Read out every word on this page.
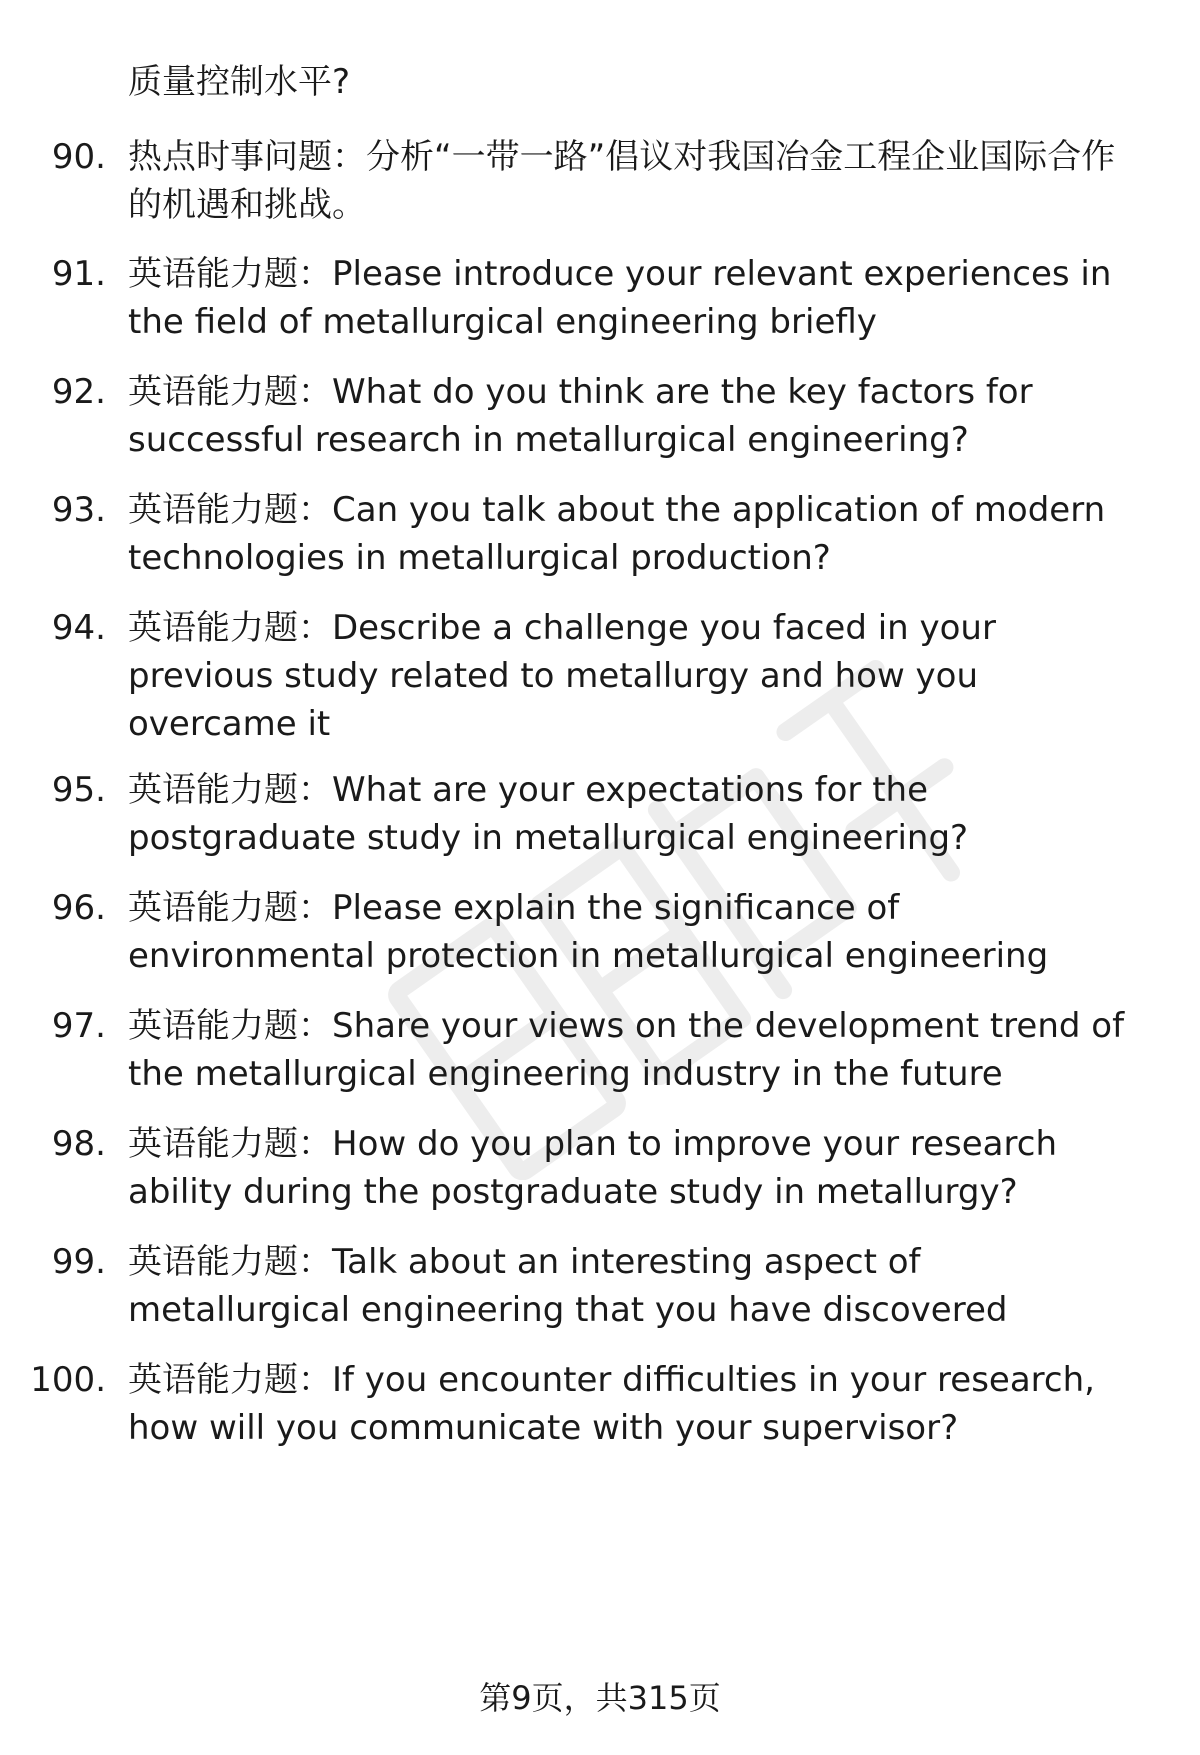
质量控制水平?
90. 热点时事问题：分析“一带一路”倡议对我国冶金工程企业国际合作的机遇和挑战。
91. 英语能力题：Please introduce your relevant experiences in the field of metallurgical engineering briefly
92. 英语能力题：What do you think are the key factors for successful research in metallurgical engineering?
93. 英语能力题：Can you talk about the application of modern technologies in metallurgical production?
94. 英语能力题：Describe a challenge you faced in your previous study related to metallurgy and how you overcame it
95. 英语能力题：What are your expectations for the postgraduate study in metallurgical engineering?
96. 英语能力题：Please explain the significance of environmental protection in metallurgical engineering
97. 英语能力题：Share your views on the development trend of the metallurgical engineering industry in the future
98. 英语能力题：How do you plan to improve your research ability during the postgraduate study in metallurgy?
99. 英语能力题：Talk about an interesting aspect of metallurgical engineering that you have discovered
100. 英语能力题：If you encounter difficulties in your research, how will you communicate with your supervisor?
第9页，共315页
